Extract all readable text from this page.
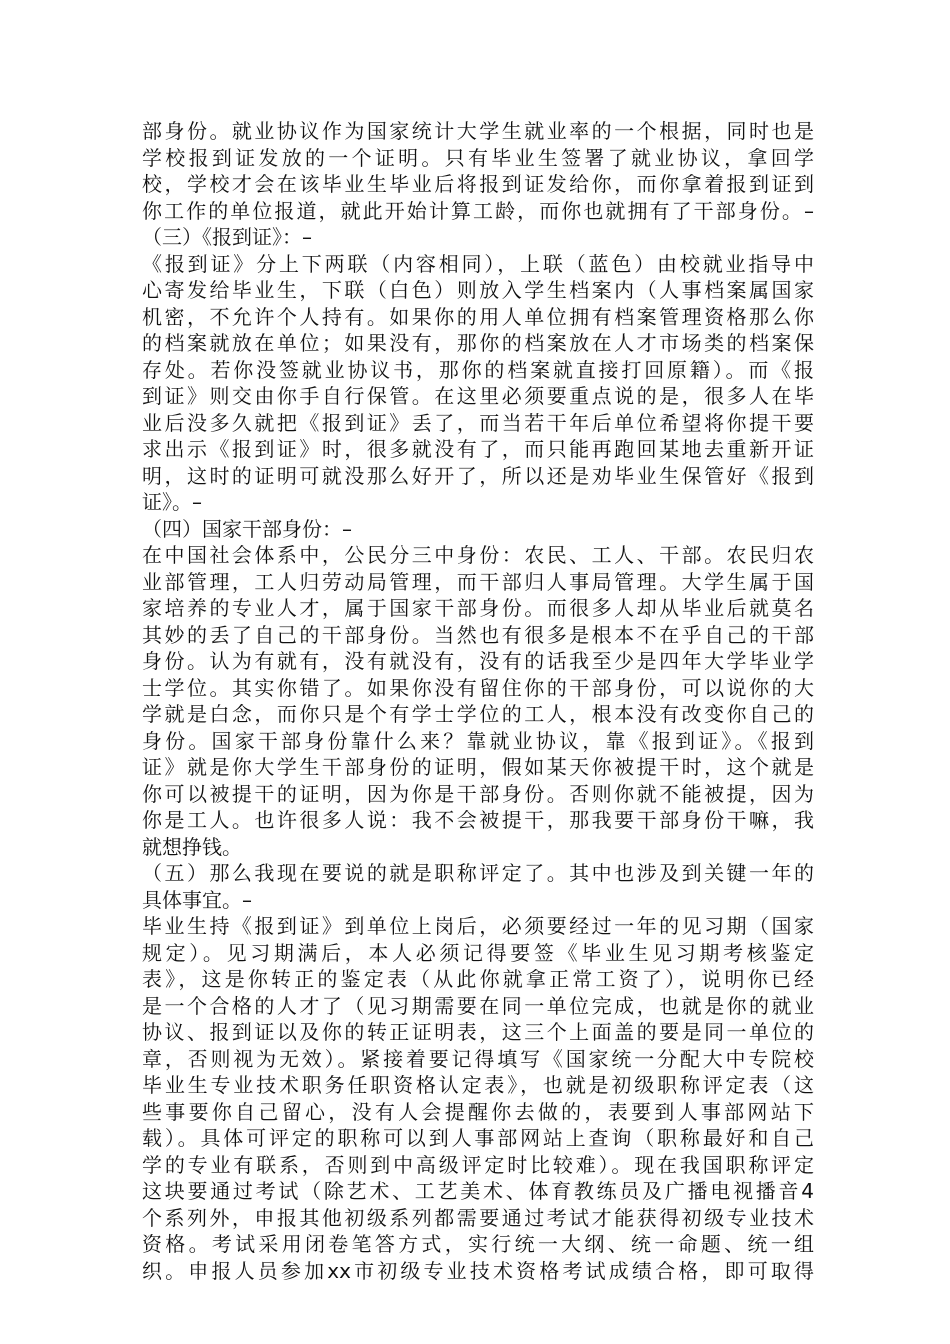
部身份。就业协议作为国家统计大学生就业率的一个根据，同时也是
学校报到证发放的一个证明。只有毕业生签署了就业协议，拿回学
校，学校才会在该毕业生毕业后将报到证发给你，而你拿着报到证到
你工作的单位报道，就此开始计算工龄，而你也就拥有了干部身份。–
（三）《报到证》：–
《报到证》分上下两联（内容相同），上联（蓝色）由校就业指导中
心寄发给毕业生，下联（白色）则放入学生档案内（人事档案属国家
机密，不允许个人持有。如果你的用人单位拥有档案管理资格那么你
的档案就放在单位；如果没有，那你的档案放在人才市场类的档案保
存处。若你没签就业协议书，那你的档案就直接打回原籍）。而《报
到证》则交由你手自行保管。在这里必须要重点说的是，很多人在毕
业后没多久就把《报到证》丢了，而当若干年后单位希望将你提干要
求出示《报到证》时，很多就没有了，而只能再跑回某地去重新开证
明，这时的证明可就没那么好开了，所以还是劝毕业生保管好《报到
证》。–
（四）国家干部身份：–
在中国社会体系中，公民分三中身份：农民、工人、干部。农民归农
业部管理，工人归劳动局管理，而干部归人事局管理。大学生属于国
家培养的专业人才，属于国家干部身份。而很多人却从毕业后就莫名
其妙的丢了自己的干部身份。当然也有很多是根本不在乎自己的干部
身份。认为有就有，没有就没有，没有的话我至少是四年大学毕业学
士学位。其实你错了。如果你没有留住你的干部身份，可以说你的大
学就是白念，而你只是个有学士学位的工人，根本没有改变你自己的
身份。国家干部身份靠什么来？靠就业协议，靠《报到证》。《报到
证》就是你大学生干部身份的证明，假如某天你被提干时，这个就是
你可以被提干的证明，因为你是干部身份。否则你就不能被提，因为
你是工人。也许很多人说：我不会被提干，那我要干部身份干嘛，我
就想挣钱。
（五）那么我现在要说的就是职称评定了。其中也涉及到关键一年的
具体事宜。–
毕业生持《报到证》到单位上岗后，必须要经过一年的见习期（国家
规定）。见习期满后，本人必须记得要签《毕业生见习期考核鉴定
表》，这是你转正的鉴定表（从此你就拿正常工资了），说明你已经
是一个合格的人才了（见习期需要在同一单位完成，也就是你的就业
协议、报到证以及你的转正证明表，这三个上面盖的要是同一单位的
章，否则视为无效）。紧接着要记得填写《国家统一分配大中专院校
毕业生专业技术职务任职资格认定表》，也就是初级职称评定表（这
些事要你自己留心，没有人会提醒你去做的，表要到人事部网站下
载）。具体可评定的职称可以到人事部网站上查询（职称最好和自己
学的专业有联系，否则到中高级评定时比较难）。现在我国职称评定
这块要通过考试（除艺术、工艺美术、体育教练员及广播电视播音4
个系列外，申报其他初级系列都需要通过考试才能获得初级专业技术
资格。考试采用闭卷笔答方式，实行统一大纲、统一命题、统一组
织。申报人员参加xx市初级专业技术资格考试成绩合格，即可取得
